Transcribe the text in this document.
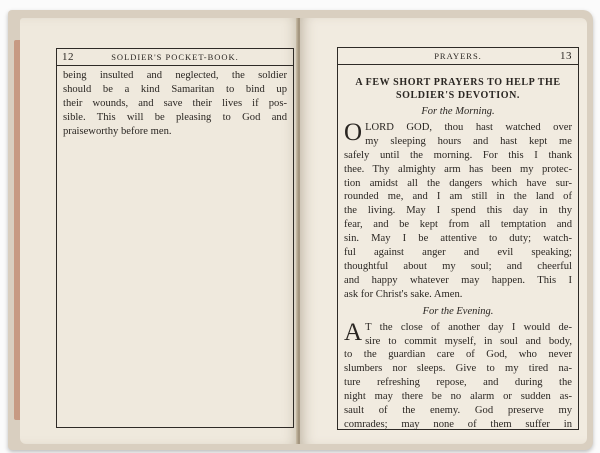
12	SOLDIER'S POCKET-BOOK.
being insulted and neglected, the soldier
should be a kind Samaritan to bind up
their wounds, and save their lives if pos-
sible. This will be pleasing to God and
praiseworthy before men.
PRAYERS.	13
A FEW SHORT PRAYERS TO HELP THE
SOLDIER'S DEVOTION.
For the Morning.
O LORD GOD, thou hast watched over
my sleeping hours and hast kept me
safely until the morning. For this I thank
thee. Thy almighty arm has been my protec-
tion amidst all the dangers which have sur-
rounded me, and I am still in the land of
the living. May I spend this day in thy
fear, and be kept from all temptation and
sin. May I be attentive to duty; watch-
ful against anger and evil speaking;
thoughtful about my soul; and cheerful
and happy whatever may happen. This I
ask for Christ's sake. Amen.
For the Evening.
A T the close of another day I would de-
sire to commit myself, in soul and body,
to the guardian care of God, who never
slumbers nor sleeps. Give to my tired na-
ture refreshing repose, and during the
night may there be no alarm or sudden as-
sault of the enemy. God preserve my
comrades; may none of them suffer in
